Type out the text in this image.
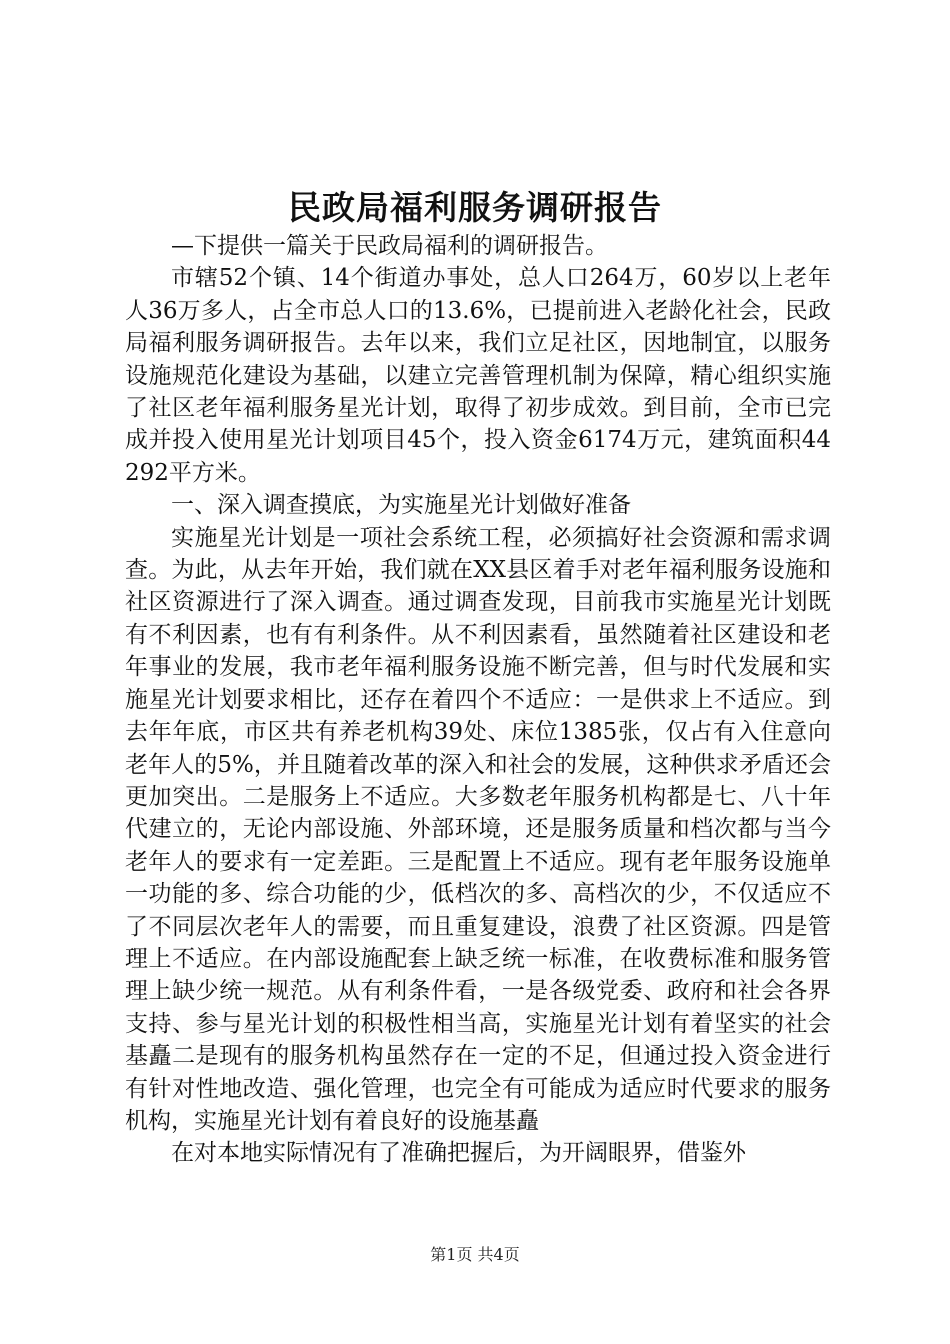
民政局福利服务调研报告

—下提供一篇关于民政局福利的调研报告。

市辖52个镇、14个街道办事处，总人口264万，60岁以上老年人36万多人，占全市总人口的13.6%，已提前进入老龄化社会，民政局福利服务调研报告。去年以来，我们立足社区，因地制宜，以服务设施规范化建设为基础，以建立完善管理机制为保障，精心组织实施了社区老年福利服务星光计划，取得了初步成效。到目前，全市已完成并投入使用星光计划项目45个，投入资金6174万元，建筑面积44292平方米。

一、深入调查摸底，为实施星光计划做好准备

实施星光计划是一项社会系统工程，必须搞好社会资源和需求调查。为此，从去年开始，我们就在XX县区着手对老年福利服务设施和社区资源进行了深入调查。通过调查发现，目前我市实施星光计划既有不利因素，也有有利条件。从不利因素看，虽然随着社区建设和老年事业的发展，我市老年福利服务设施不断完善，但与时代发展和实施星光计划要求相比，还存在着四个不适应：一是供求上不适应。到去年年底，市区共有养老机构39处、床位1385张，仅占有入住意向老年人的5%，并且随着改革的深入和社会的发展，这种供求矛盾还会更加突出。二是服务上不适应。大多数老年服务机构都是七、八十年代建立的，无论内部设施、外部环境，还是服务质量和档次都与当今老年人的要求有一定差距。三是配置上不适应。现有老年服务设施单一功能的多、综合功能的少，低档次的多、高档次的少，不仅适应不了不同层次老年人的需要，而且重复建设，浪费了社区资源。四是管理上不适应。在内部设施配套上缺乏统一标准，在收费标准和服务管理上缺少统一规范。从有利条件看，一是各级党委、政府和社会各界支持、参与星光计划的积极性相当高，实施星光计划有着坚实的社会基矗二是现有的服务机构虽然存在一定的不足，但通过投入资金进行有针对性地改造、强化管理，也完全有可能成为适应时代要求的服务机构，实施星光计划有着良好的设施基矗

在对本地实际情况有了准确把握后，为开阔眼界，借鉴外

第1页 共4页
